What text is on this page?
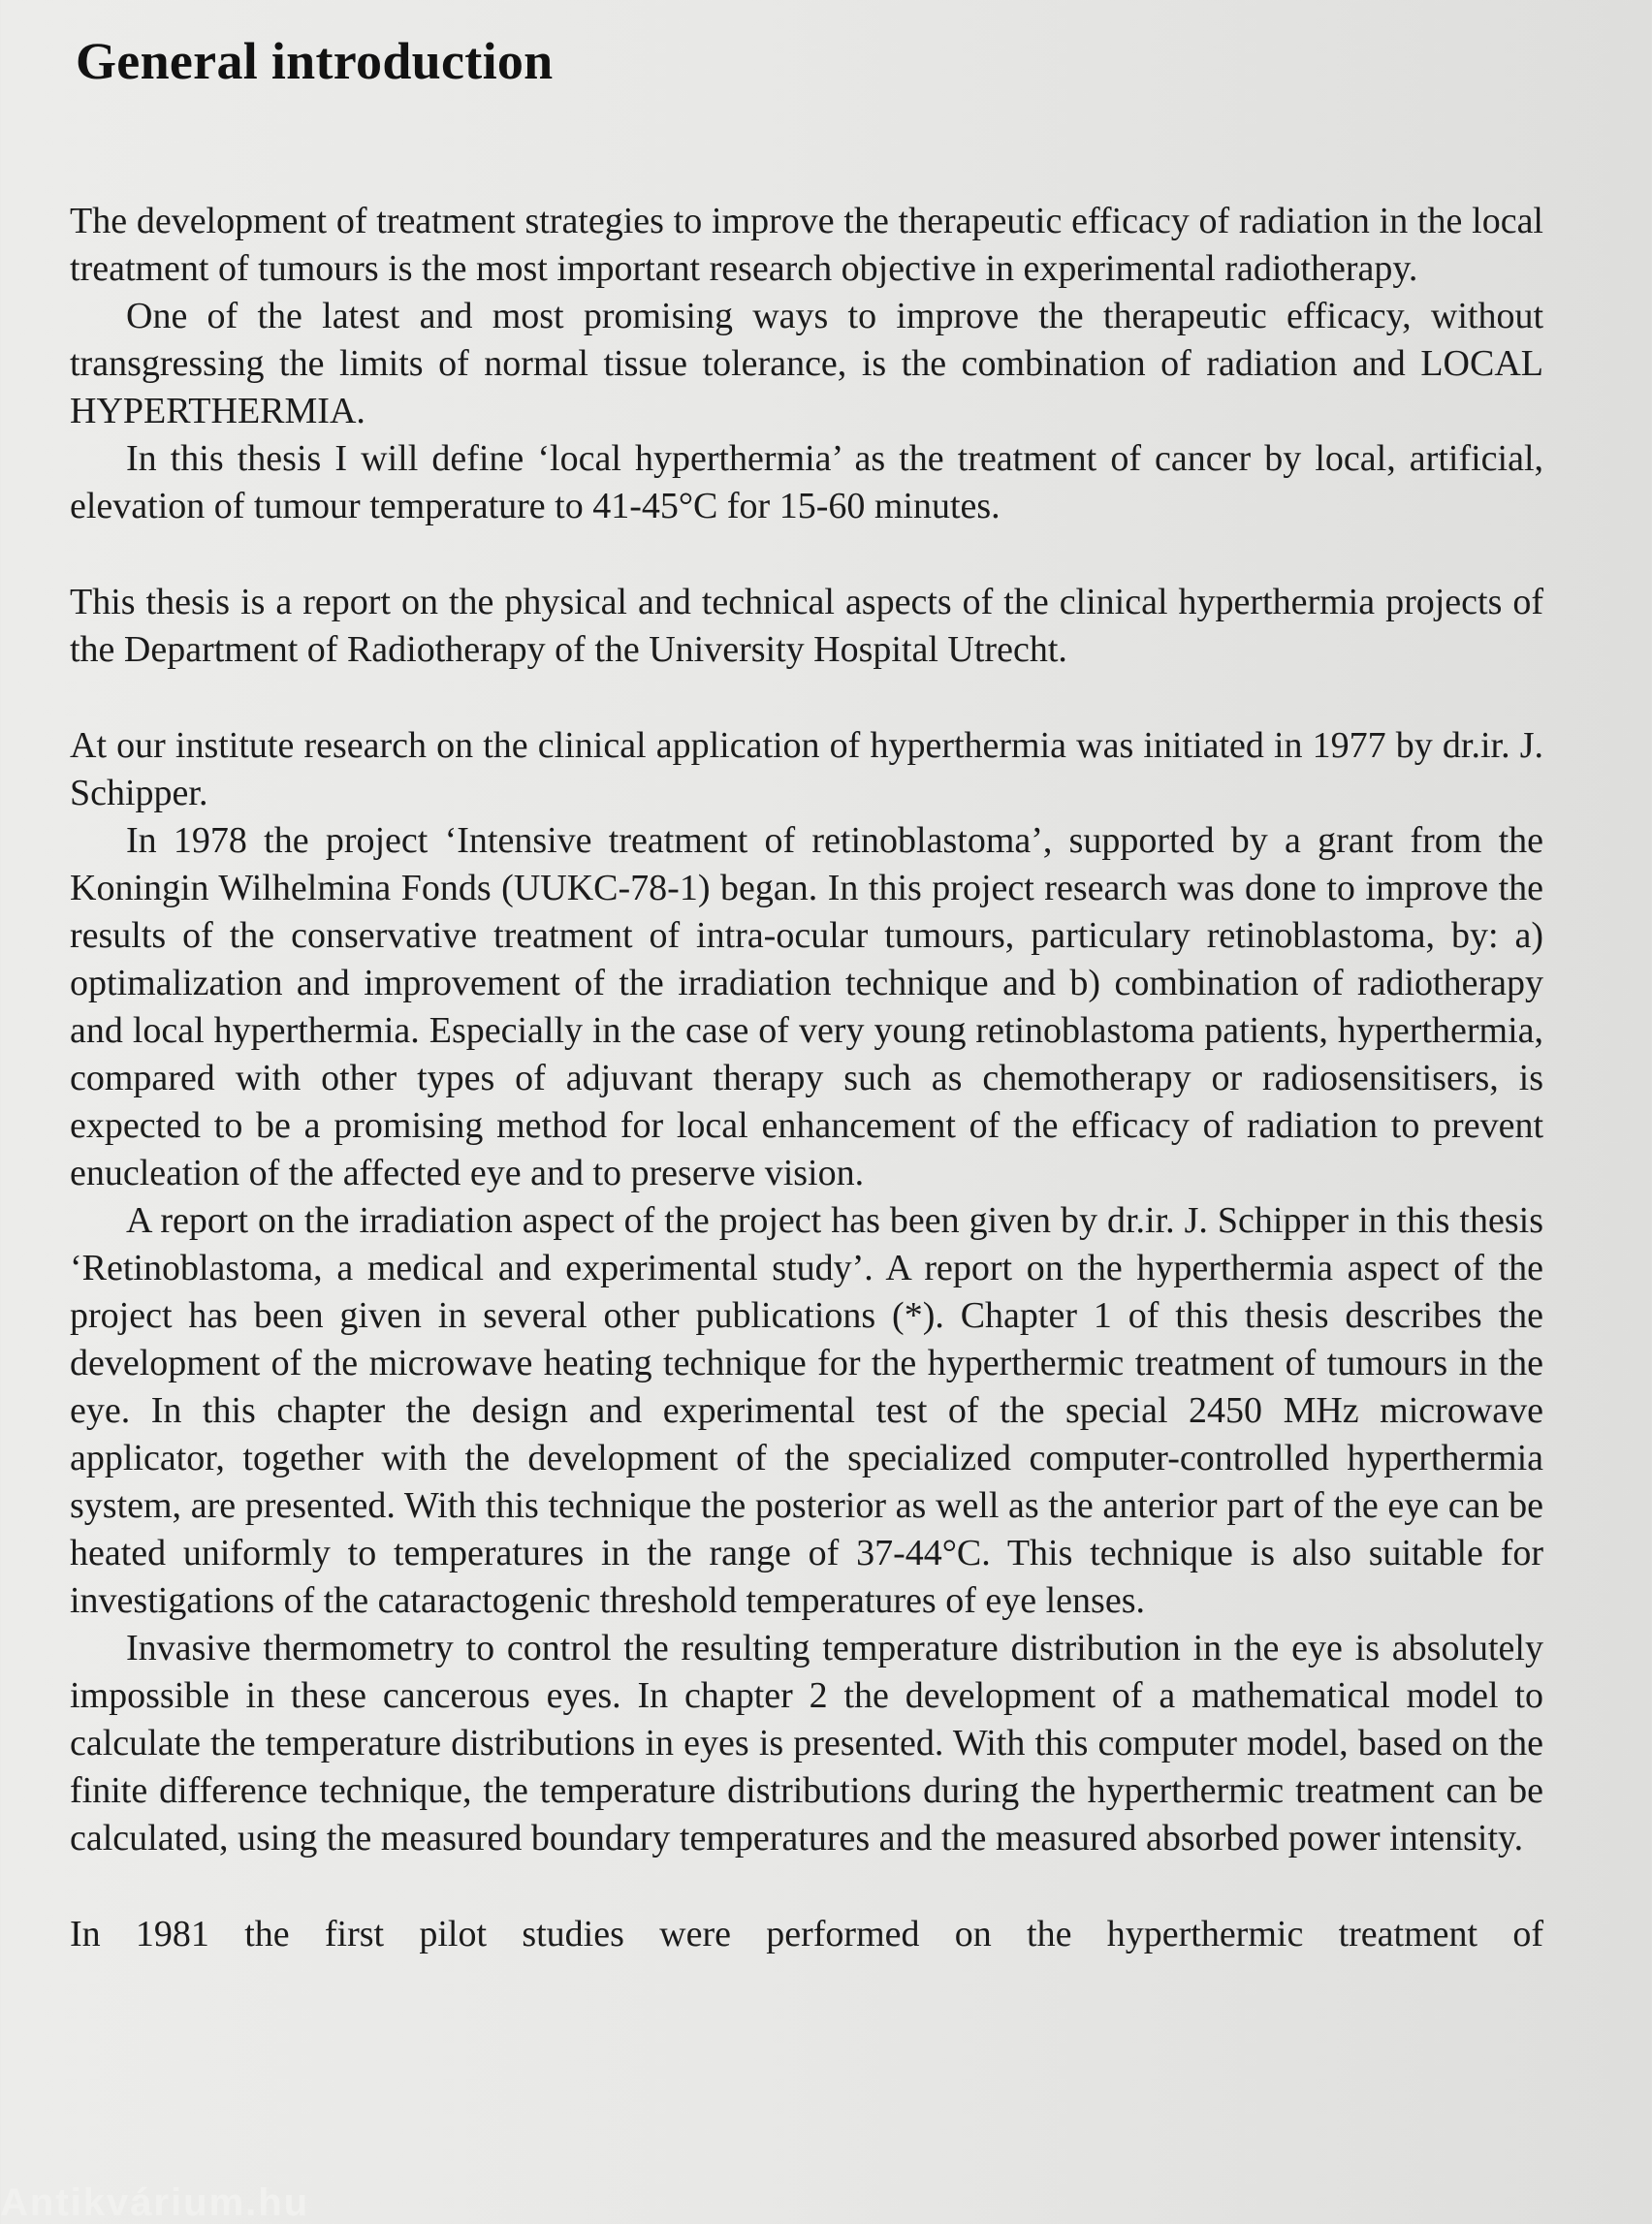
General introduction

The development of treatment strategies to improve the therapeutic efficacy of radiation in the local treatment of tumours is the most important research objective in experimental radiotherapy.

One of the latest and most promising ways to improve the therapeutic efficacy, without transgressing the limits of normal tissue tolerance, is the combination of radiation and LOCAL HYPERTHERMIA.

In this thesis I will define ‘local hyperthermia’ as the treatment of cancer by local, artificial, elevation of tumour temperature to 41-45°C for 15-60 minutes.

This thesis is a report on the physical and technical aspects of the clinical hyperthermia projects of the Department of Radiotherapy of the University Hospital Utrecht.

At our institute research on the clinical application of hyperthermia was initiated in 1977 by dr.ir. J. Schipper.

In 1978 the project ‘Intensive treatment of retinoblastoma’, supported by a grant from the Koningin Wilhelmina Fonds (UUKC-78-1) began. In this project research was done to improve the results of the conservative treatment of intra-ocular tumours, particulary retinoblastoma, by: a) optimalization and improvement of the irradiation technique and b) combination of radiotherapy and local hyperthermia. Especially in the case of very young retinoblastoma patients, hyperthermia, compared with other types of adjuvant therapy such as chemotherapy or radiosensitisers, is expected to be a promising method for local enhancement of the efficacy of radiation to prevent enucleation of the affected eye and to preserve vision.

A report on the irradiation aspect of the project has been given by dr.ir. J. Schipper in this thesis ‘Retinoblastoma, a medical and experimental study’. A report on the hyperthermia aspect of the project has been given in several other publications (*). Chapter 1 of this thesis describes the development of the microwave heating technique for the hyperthermic treatment of tumours in the eye. In this chapter the design and experimental test of the special 2450 MHz microwave applicator, together with the development of the specialized computer-controlled hyperthermia system, are presented. With this technique the posterior as well as the anterior part of the eye can be heated uniformly to temperatures in the range of 37-44°C. This technique is also suitable for investigations of the cataractogenic threshold temperatures of eye lenses.

Invasive thermometry to control the resulting temperature distribution in the eye is absolutely impossible in these cancerous eyes. In chapter 2 the development of a mathematical model to calculate the temperature distributions in eyes is presented. With this computer model, based on the finite difference technique, the temperature distributions during the hyperthermic treatment can be calculated, using the measured boundary temperatures and the measured absorbed power intensity.

In 1981 the first pilot studies were performed on the hyperthermic treatment of

Antikvárium.hu
